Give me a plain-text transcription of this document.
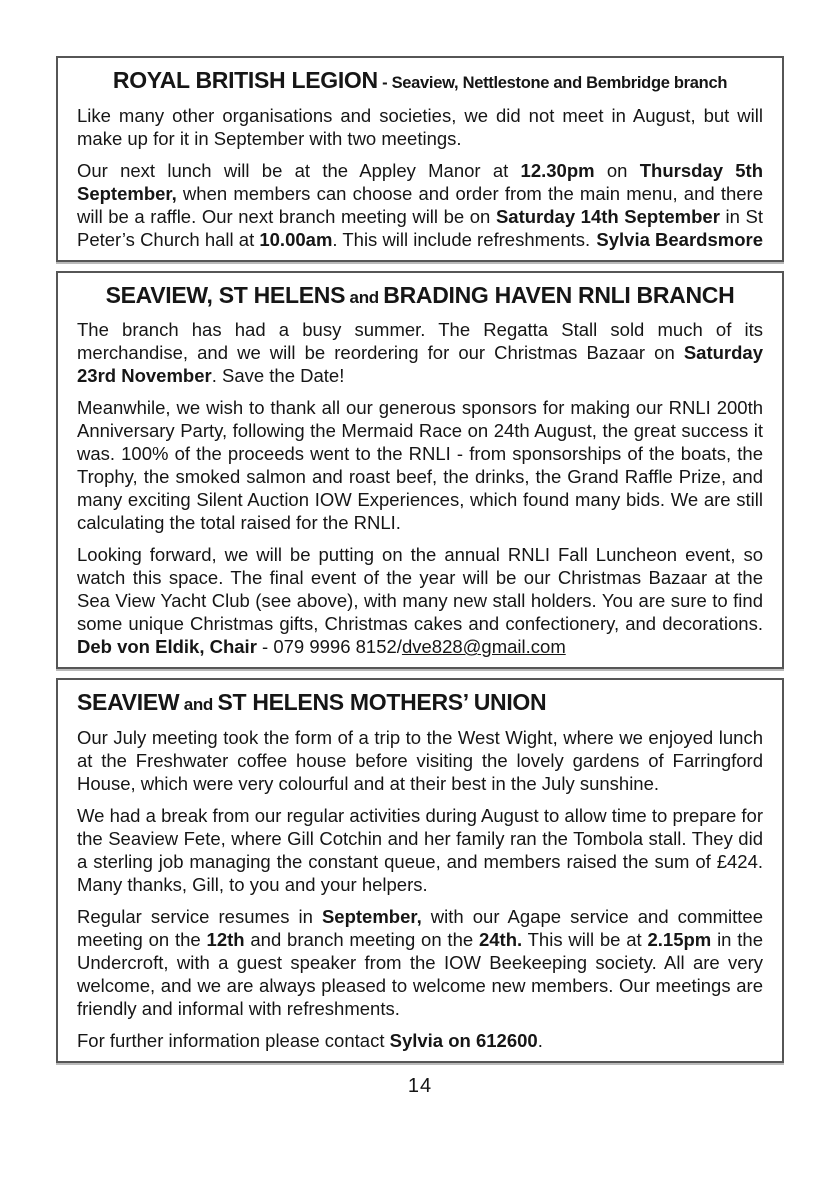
ROYAL BRITISH LEGION - Seaview, Nettlestone and Bembridge branch

Like many other organisations and societies, we did not meet in August, but will make up for it in September with two meetings.

Our next lunch will be at the Appley Manor at 12.30pm on Thursday 5th September, when members can choose and order from the main menu, and there will be a raffle. Our next branch meeting will be on Saturday 14th September in St Peter’s Church hall at 10.00am. This will include refreshments. Sylvia Beardsmore

SEAVIEW, ST HELENS and BRADING HAVEN RNLI BRANCH

The branch has had a busy summer. The Regatta Stall sold much of its merchandise, and we will be reordering for our Christmas Bazaar on Saturday 23rd November. Save the Date!

Meanwhile, we wish to thank all our generous sponsors for making our RNLI 200th Anniversary Party, following the Mermaid Race on 24th August, the great success it was. 100% of the proceeds went to the RNLI - from sponsorships of the boats, the Trophy, the smoked salmon and roast beef, the drinks, the Grand Raffle Prize, and many exciting Silent Auction IOW Experiences, which found many bids. We are still calculating the total raised for the RNLI.

Looking forward, we will be putting on the annual RNLI Fall Luncheon event, so watch this space. The final event of the year will be our Christmas Bazaar at the Sea View Yacht Club (see above), with many new stall holders. You are sure to find some unique Christmas gifts, Christmas cakes and confectionery, and decorations. Deb von Eldik, Chair - 079 9996 8152/dve828@gmail.com

SEAVIEW and ST HELENS MOTHERS’ UNION

Our July meeting took the form of a trip to the West Wight, where we enjoyed lunch at the Freshwater coffee house before visiting the lovely gardens of Farringford House, which were very colourful and at their best in the July sunshine.

We had a break from our regular activities during August to allow time to prepare for the Seaview Fete, where Gill Cotchin and her family ran the Tombola stall. They did a sterling job managing the constant queue, and members raised the sum of £424. Many thanks, Gill, to you and your helpers.

Regular service resumes in September, with our Agape service and committee meeting on the 12th and branch meeting on the 24th. This will be at 2.15pm in the Undercroft, with a guest speaker from the IOW Beekeeping society. All are very welcome, and we are always pleased to welcome new members. Our meetings are friendly and informal with refreshments.

For further information please contact Sylvia on 612600.

14
